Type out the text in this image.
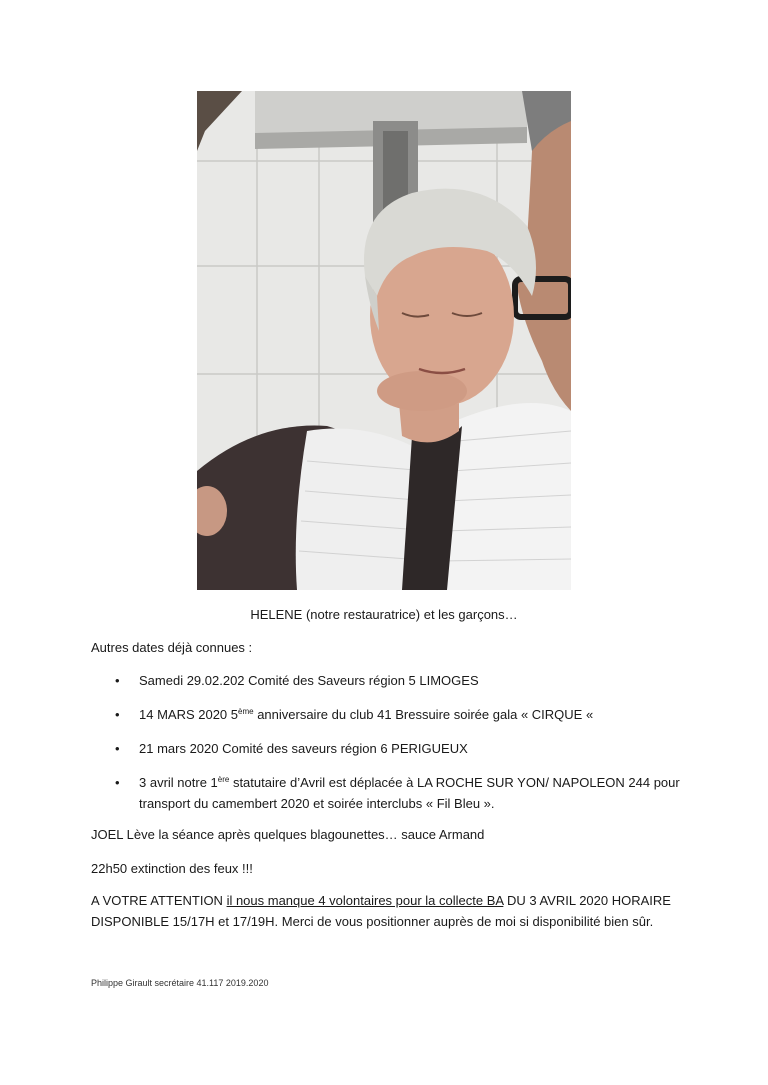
HELENE (notre restauratrice) et les garçons…
Autres dates déjà connues :
• Samedi 29.02.202 Comité des Saveurs région 5 LIMOGES
• 14 MARS 2020 5ème anniversaire du club 41 Bressuire soirée gala « CIRQUE «
• 21 mars 2020 Comité des saveurs région 6 PERIGUEUX
• 3 avril notre 1ère statutaire d’Avril est déplacée à LA ROCHE SUR YON/ NAPOLEON 244 pour
transport du camembert 2020 et soirée interclubs « Fil Bleu ».
JOEL Lève la séance après quelques blagounettes… sauce Armand
22h50 extinction des feux !!!
A VOTRE ATTENTION il nous manque 4 volontaires pour la collecte BA DU 3 AVRIL 2020 HORAIRE
DISPONIBLE 15/17H et 17/19H. Merci de vous positionner auprès de moi si disponibilité bien sûr.
Philippe Girault secrétaire 41.117 2019.2020
